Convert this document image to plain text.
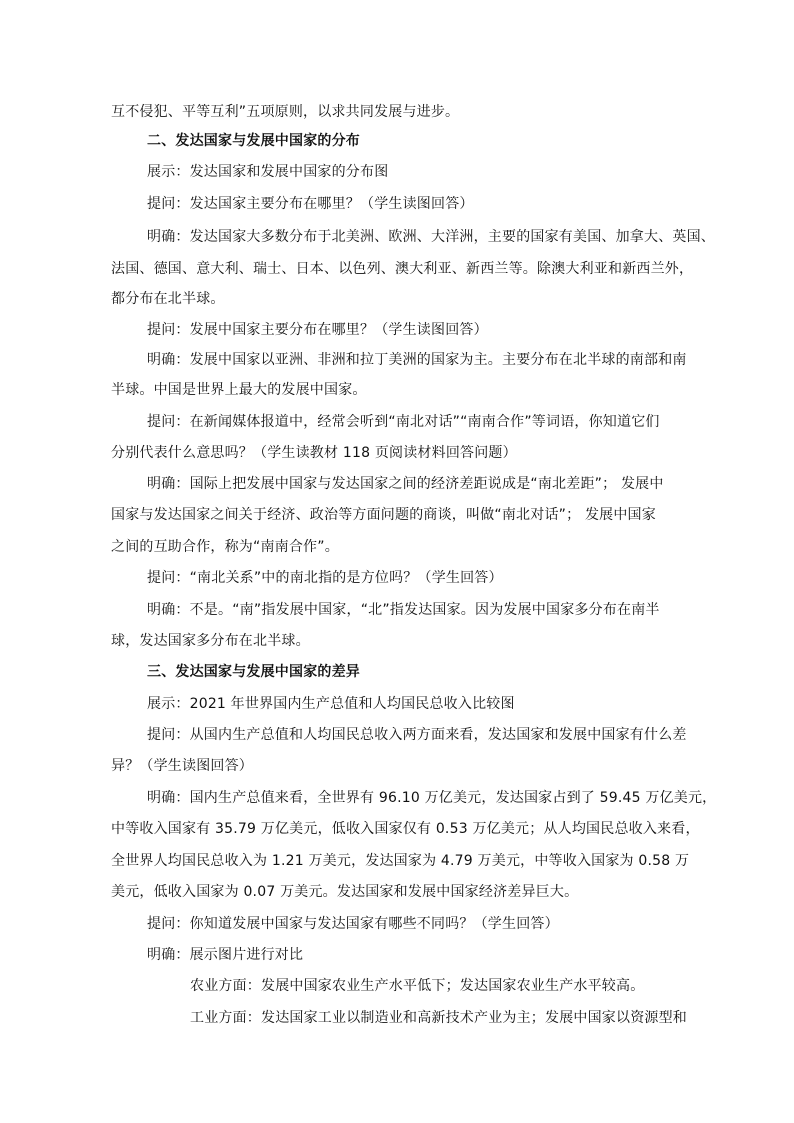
互不侵犯、平等互利”五项原则，以求共同发展与进步。
二、发达国家与发展中国家的分布
展示：发达国家和发展中国家的分布图
提问：发达国家主要分布在哪里？（学生读图回答）
明确：发达国家大多数分布于北美洲、欧洲、大洋洲，主要的国家有美国、加拿大、英国、
法国、德国、意大利、瑞士、日本、以色列、澳大利亚、新西兰等。除澳大利亚和新西兰外，
都分布在北半球。
提问：发展中国家主要分布在哪里？（学生读图回答）
明确：发展中国家以亚洲、非洲和拉丁美洲的国家为主。主要分布在北半球的南部和南
半球。中国是世界上最大的发展中国家。
提问：在新闻媒体报道中，经常会听到“南北对话”“南南合作”等词语，你知道它们
分别代表什么意思吗？（学生读教材 118 页阅读材料回答问题）
明确：国际上把发展中国家与发达国家之间的经济差距说成是“南北差距”； 发展中
国家与发达国家之间关于经济、政治等方面问题的商谈，叫做“南北对话”； 发展中国家
之间的互助合作，称为“南南合作”。
提问：“南北关系”中的南北指的是方位吗？（学生回答）
明确：不是。“南”指发展中国家，“北”指发达国家。因为发展中国家多分布在南半
球，发达国家多分布在北半球。
三、发达国家与发展中国家的差异
展示：2021 年世界国内生产总值和人均国民总收入比较图
提问：从国内生产总值和人均国民总收入两方面来看，发达国家和发展中国家有什么差
异？（学生读图回答）
明确：国内生产总值来看，全世界有 96.10 万亿美元，发达国家占到了 59.45 万亿美元，
中等收入国家有 35.79 万亿美元，低收入国家仅有 0.53 万亿美元；从人均国民总收入来看，
全世界人均国民总收入为 1.21 万美元，发达国家为 4.79 万美元，中等收入国家为 0.58 万
美元，低收入国家为 0.07 万美元。发达国家和发展中国家经济差异巨大。
提问：你知道发展中国家与发达国家有哪些不同吗？（学生回答）
明确：展示图片进行对比
农业方面：发展中国家农业生产水平低下；发达国家农业生产水平较高。
工业方面：发达国家工业以制造业和高新技术产业为主；发展中国家以资源型和
